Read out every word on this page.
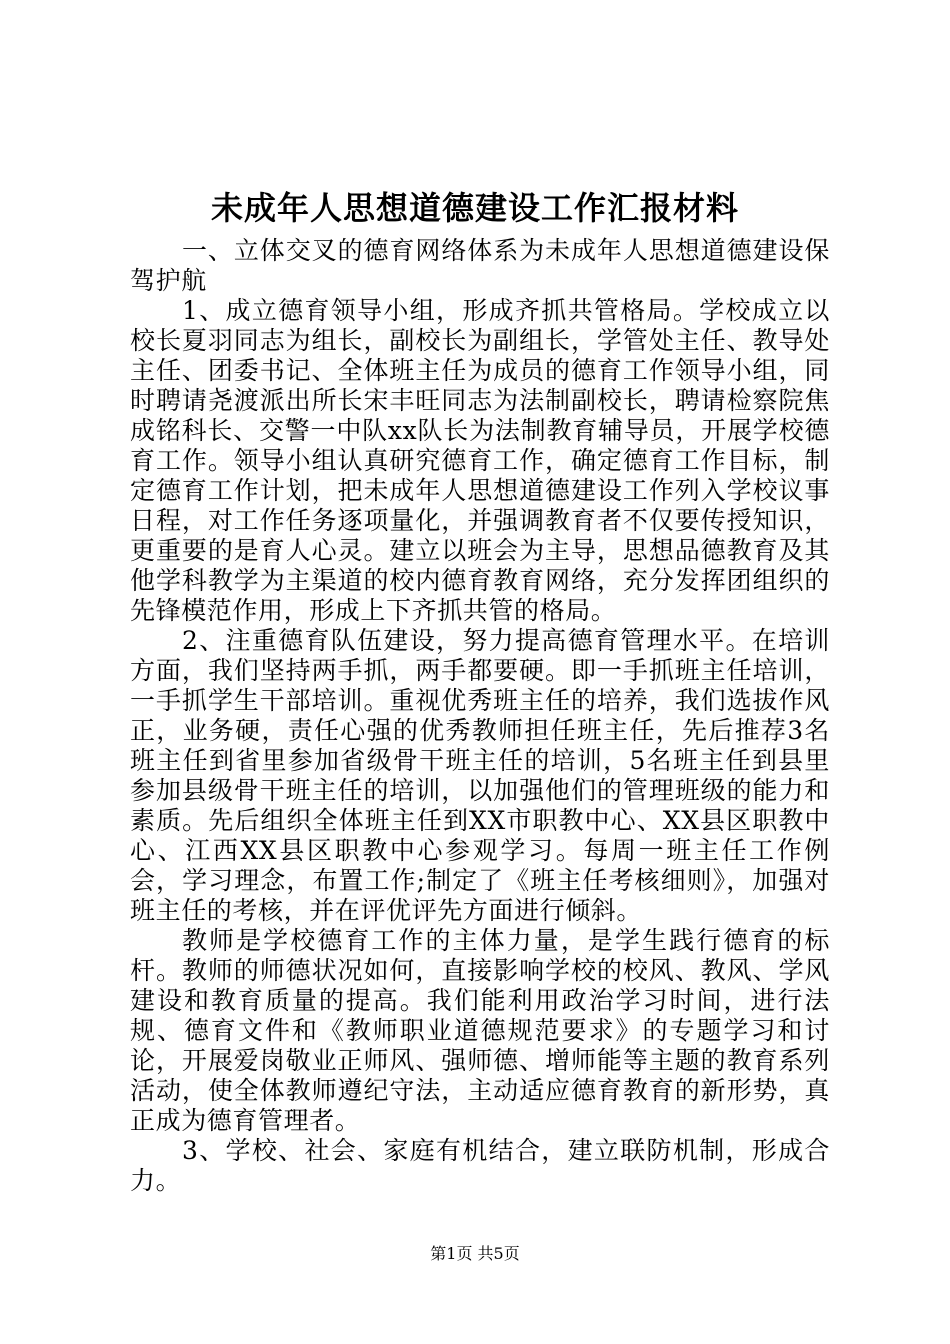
未成年人思想道德建设工作汇报材料

一、立体交叉的德育网络体系为未成年人思想道德建设保驾护航

1、成立德育领导小组，形成齐抓共管格局。学校成立以校长夏羽同志为组长，副校长为副组长，学管处主任、教导处主任、团委书记、全体班主任为成员的德育工作领导小组，同时聘请尧渡派出所长宋丰旺同志为法制副校长，聘请检察院焦成铭科长、交警一中队xx队长为法制教育辅导员，开展学校德育工作。领导小组认真研究德育工作，确定德育工作目标，制定德育工作计划，把未成年人思想道德建设工作列入学校议事日程，对工作任务逐项量化，并强调教育者不仅要传授知识，更重要的是育人心灵。建立以班会为主导，思想品德教育及其他学科教学为主渠道的校内德育教育网络，充分发挥团组织的先锋模范作用，形成上下齐抓共管的格局。

2、注重德育队伍建设，努力提高德育管理水平。在培训方面，我们坚持两手抓，两手都要硬。即一手抓班主任培训，一手抓学生干部培训。重视优秀班主任的培养，我们选拔作风正，业务硬，责任心强的优秀教师担任班主任，先后推荐3名班主任到省里参加省级骨干班主任的培训，5名班主任到县里参加县级骨干班主任的培训，以加强他们的管理班级的能力和素质。先后组织全体班主任到XX市职教中心、XX县区职教中心、江西XX县区职教中心参观学习。每周一班主任工作例会，学习理念，布置工作;制定了《班主任考核细则》，加强对班主任的考核，并在评优评先方面进行倾斜。

教师是学校德育工作的主体力量，是学生践行德育的标杆。教师的师德状况如何，直接影响学校的校风、教风、学风建设和教育质量的提高。我们能利用政治学习时间，进行法规、德育文件和《教师职业道德规范要求》的专题学习和讨论，开展爱岗敬业正师风、强师德、增师能等主题的教育系列活动，使全体教师遵纪守法，主动适应德育教育的新形势，真正成为德育管理者。

3、学校、社会、家庭有机结合，建立联防机制，形成合力。

第1页 共5页
